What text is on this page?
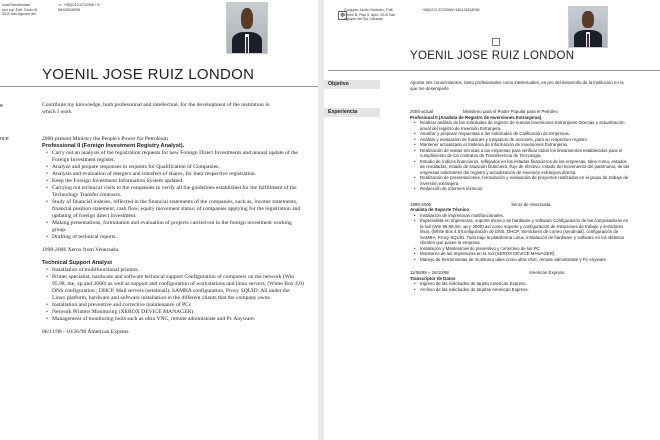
ncial Residencias
ntol sur. Edif. Cedro B.
53-B San Agustín del
☏ +58(0212-5732556 / ✆
58426518098
YOENIL JOSE RUIZ LONDON
e	Contribute my knowledge, both professional and intellectual, for the development of the institution in which I work
nce	2006-present Ministry the People's Power for Petroleum

Professional II (Foreign Investment Registry Analyst).

• Carry out an analysis of the registration requests for new Foreign Direct Investments and annual update of the Foreign Investment register.

• Analyze and prepare responses to requests for Qualification of Companies.

• Analysis and evaluation of mergers and transfers of shares, for their respective registration.

• Keep the Foreign Investment Information System updated.

• Carrying out technical visits to the companies to verify all the guidelines established for the fulfillment of the Technology Transfer contracts.

• Study of financial indexes, reflected in the financial statements of the companies, such as, income statements, financial position statement, cash flow, equity movement status; of companies applying for the registration and updating of foreign direct investment.

• Making presentations, formulation and evaluation of projects carried out in the foreign investment working group.

• Drafting of technical reports.

1998-2006 Xerox from Venezuela.

Technical Support Analyst

• Installation of multifunctional printers.

• Printer specialist, hardware and software technical support Configuration of computers on the network (Win 95,98, me, xp and 2000) as well as support and configuration of workstations and linux servers, (White Box 4.0) DNS configuration , DHCP, Mail servers (sendmail), SAMBA configuration, Proxy SQUID. All under the Linux platform, hardware and software installation in the different clients that the company owns.

• Installation and preventive and corrective maintenance of PCs

• Network Printers Monitoring (XEROX DEVICE MANAGER).

• Management of monitoring tools such as ultra VNC, remote administrate and Pc Anyware.

06/11/98 - 10/26/98 American Express.

Conjunto Jardín Botánico, Edif.
Cedro B. Piso 5. Apto. 53-B San
Agustín del Sur Caracas
+58(0212-5732556/+584126518098
YOENIL JOSE RUIZ LONDON
Objetivo	Aportar mis conocimientos, tanto profesionales como intelectuales, en pro del desarrollo de la institución en la que me desempeñe
Experiencia	2006-actual	Ministerio para el Poder Popular para el Petróleo

Profesional II (Analista de Registro de Inversiones Extranjeras).

• Realizar análisis de las solicitudes de registro de nuevas Inversiones Extranjeras Directas y actualización anual del registro de Inversión Extranjera.

• Analizar y preparar respuestas a las solicitudes de Calificación de Empresas.

• Análisis y evaluación de fusiones y traspasos de acciones, para su respectivo registro

• Mantener actualizado el Sistema de Información de Inversiones Extranjeras.

• Realización de visitas técnicas a las empresas para verificar todos los lineamientos establecidos para el cumplimiento de los contratos de Transferencia de Tecnología.

• Estudio de índices financieros, reflejados en los estados financieros de las empresas, tales como, estados de resultados, estado de situación financiera, flujo de efectivo, estado del movimiento del patrimonio; de las empresas solicitantes del registro y actualización de inversión extranjera directa.

• Realización de presentaciones, formulación y evaluación de proyectos realizados en el grupo de trabajo de inversión extranjera.

• Redacción de informes técnicos.

1998-2006	Xerox de Venezuela.

Analista de Soporte Técnico

• Instalación de impresoras multifuncionales.

• Especialista en Impresoras, soporte técnico de hardware y software Configuración de las computadoras en la red (Win 95,98,me, xp y 2000) así como soporte y configuración de estaciones de trabajo y servidores linux, (White Box 4.0)configuración de DNS, DHCP, Servidores de correo (sendmail), configuración de SAMBA, Proxy SQUID. Todo bajo la plataforma Linux, instalación de hardware y software en los distintos clientes que posee la empresa.

• Instalación y Mantenimiento preventivo y correctivo de los PC

• Monitoreo de las Impresoras en la red (XEROX DEVICE MANAGER).

• Manejo de herramientas de monitoreo tales como ultra VNC, remote administrate y Pc Anyware.

11/06/98 – 26/10/98	American Express.

Transcriptor de Datos

• Ingreso de las solicitudes de tarjeta American Express.

• Archivo de las solicitudes de tarjetas American Express.

✥
